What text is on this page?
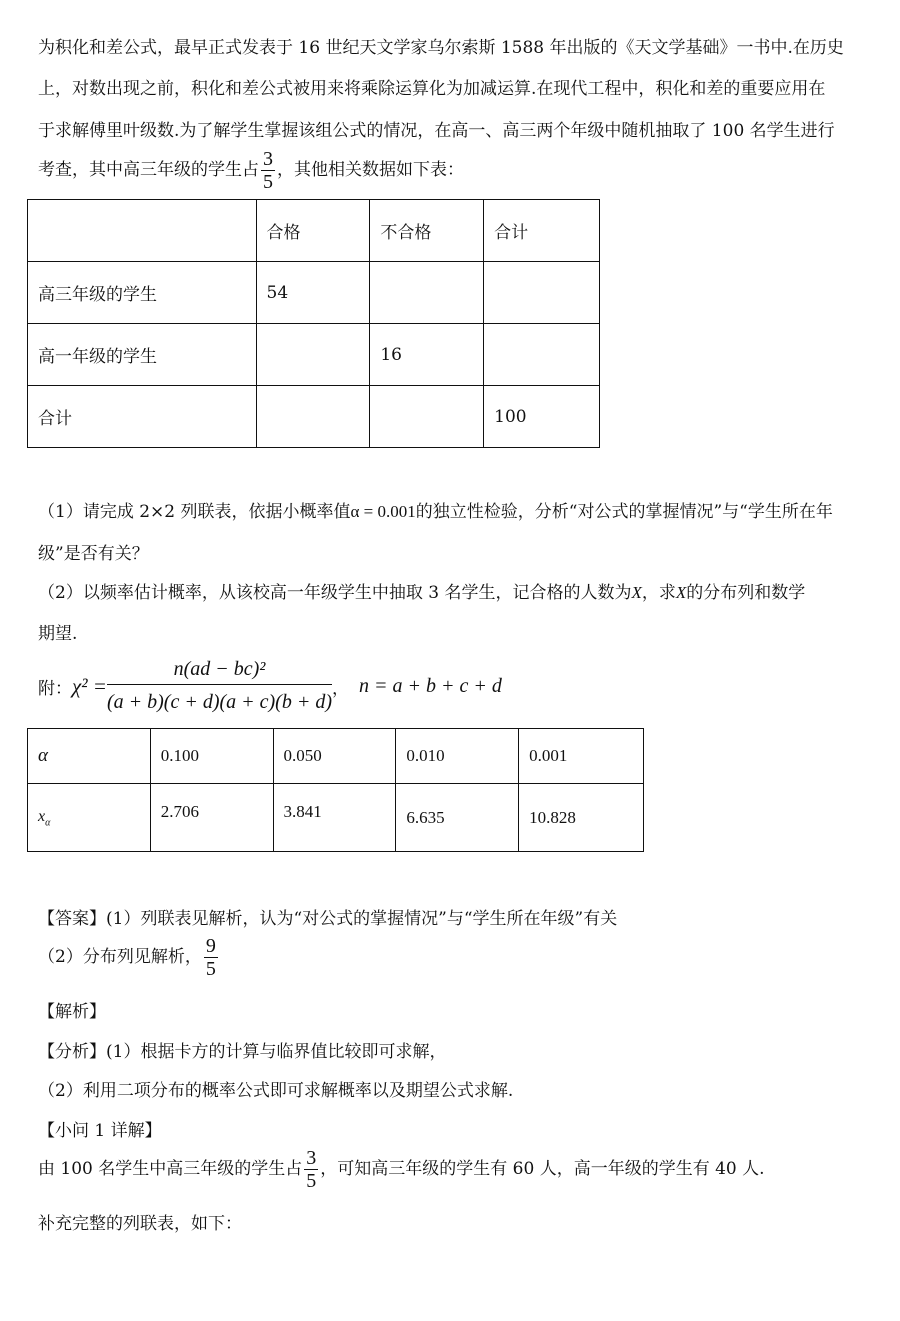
为积化和差公式，最早正式发表于 16 世纪天文学家乌尔索斯 1588 年出版的《天文学基础》一书中.在历史
上，对数出现之前，积化和差公式被用来将乘除运算化为加减运算.在现代工程中，积化和差的重要应用在
于求解傅里叶级数.为了解学生掌握该组公式的情况，在高一、高三两个年级中随机抽取了 100 名学生进行
考查，其中高三年级的学生占 $\frac{3}{5}$ ，其他相关数据如下表：
	合格	不合格	合计
高三年级的学生	54		
高一年级的学生		16	
合计			100
（1）请完成 2×2 列联表，依据小概率值α = 0.001的独立性检验，分析“对公式的掌握情况”与“学生所在年
级”是否有关？
（2）以频率估计概率，从该校高一年级学生中抽取 3 名学生，记合格的人数为X，求X的分布列和数学
期望.
附：$\chi^2 = \frac{\text{n(ad − bc)²}}{(a + b)(c + d)(a + c)(b + d)}$ ， n = a + b + c + d
α	0.100	0.050	0.010	0.001
$x_\alpha$	2.706	3.841	6.635	10.828
【答案】(1）列联表见解析，认为“对公式的掌握情况”与“学生所在年级”有关
（2）分布列见解析， $\frac{9}{5}$
【解析】
【分析】(1）根据卡方的计算与临界值比较即可求解，
（2）利用二项分布的概率公式即可求解概率以及期望公式求解.
【小问 1 详解】
由 100 名学生中高三年级的学生占 $\frac{3}{5}$ ，可知高三年级的学生有 60 人，高一年级的学生有 40 人.
补充完整的列联表，如下：
